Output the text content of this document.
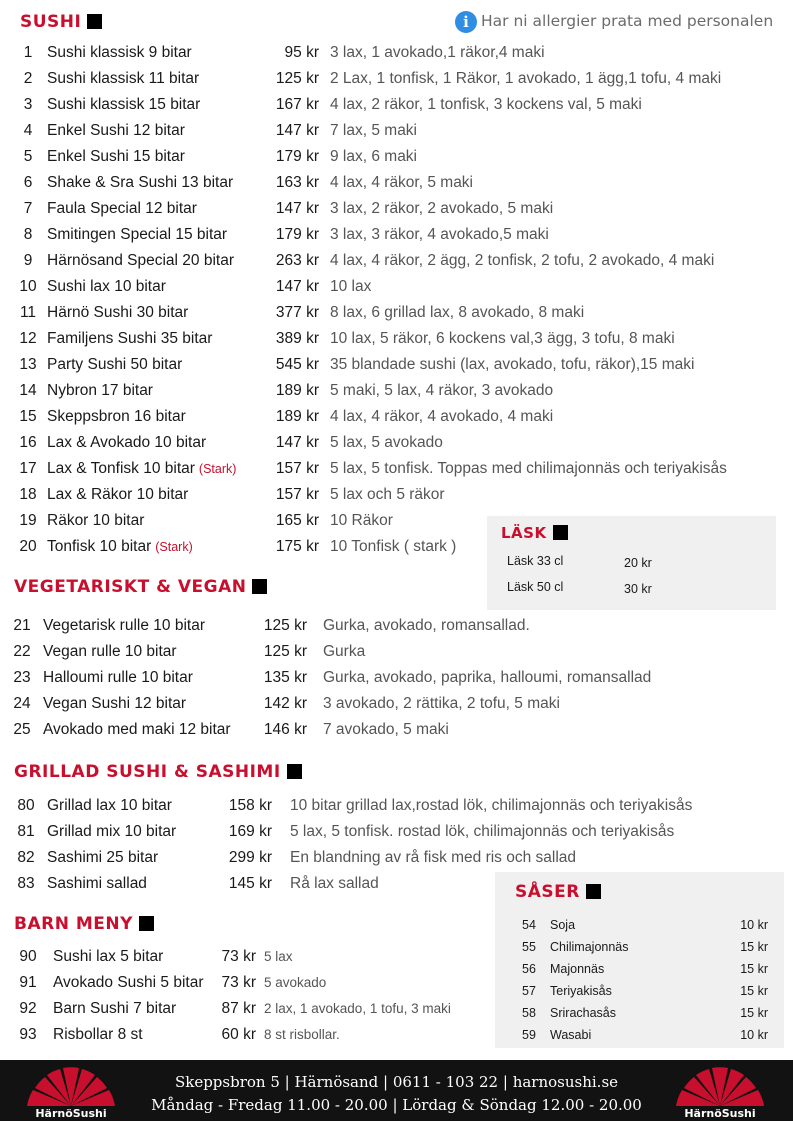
SUSHI	i Har ni allergier prata med personalen
1 Sushi klassisk 9 bitar	95 kr 3 lax, 1 avokado,1 räkor,4 maki
2 Sushi klassisk 11 bitar	125 kr 2 Lax, 1 tonfisk, 1 Räkor, 1 avokado, 1 ägg,1 tofu, 4 maki
3 Sushi klassisk 15 bitar	167 kr 4 lax, 2 räkor, 1 tonfisk, 3 kockens val, 5 maki
4 Enkel Sushi 12 bitar	147 kr 7 lax, 5 maki
5 Enkel Sushi 15 bitar	179 kr 9 lax, 6 maki
6 Shake & Sra Sushi 13 bitar	163 kr 4 lax, 4 räkor, 5 maki
7 Faula Special 12 bitar	147 kr 3 lax, 2 räkor, 2 avokado, 5 maki
8 Smitingen Special 15 bitar	179 kr 3 lax, 3 räkor, 4 avokado,5 maki
9 Härnösand Special 20 bitar	263 kr 4 lax, 4 räkor, 2 ägg, 2 tonfisk, 2 tofu, 2 avokado, 4 maki
10 Sushi lax 10 bitar	147 kr 10 lax
11 Härnö Sushi 30 bitar	377 kr 8 lax, 6 grillad lax, 8 avokado, 8 maki
12 Familjens Sushi 35 bitar	389 kr 10 lax, 5 räkor, 6 kockens val,3 ägg, 3 tofu, 8 maki
13 Party Sushi 50 bitar	545 kr 35 blandade sushi (lax, avokado, tofu, räkor),15 maki
14 Nybron 17 bitar	189 kr 5 maki, 5 lax, 4 räkor, 3 avokado
15 Skeppsbron 16 bitar	189 kr 4 lax, 4 räkor, 4 avokado, 4 maki
16 Lax & Avokado 10 bitar	147 kr 5 lax, 5 avokado
17 Lax & Tonfisk 10 bitar (Stark)	157 kr 5 lax, 5 tonfisk. Toppas med chilimajonnäs och teriyakisås
18 Lax & Räkor 10 bitar	157 kr 5 lax och 5 räkor
19 Räkor 10 bitar	165 kr 10 Räkor
20 Tonfisk 10 bitar (Stark)	175 kr 10 Tonfisk ( stark )
LÄSK
Läsk 33 cl	20 kr
Läsk 50 cl	30 kr
VEGETARISKT & VEGAN
21 Vegetarisk rulle 10 bitar	125 kr Gurka, avokado, romansallad.
22 Vegan rulle 10 bitar	125 kr Gurka
23 Halloumi rulle 10 bitar	135 kr Gurka, avokado, paprika, halloumi, romansallad
24 Vegan Sushi 12 bitar	142 kr 3 avokado, 2 rättika, 2 tofu, 5 maki
25 Avokado med maki 12 bitar	146 kr 7 avokado, 5 maki
GRILLAD SUSHI & SASHIMI
80 Grillad lax 10 bitar	158 kr 10 bitar grillad lax,rostad lök, chilimajonnäs och teriyakisås
81 Grillad mix 10 bitar	169 kr 5 lax, 5 tonfisk. rostad lök, chilimajonnäs och teriyakisås
82 Sashimi 25 bitar	299 kr En blandning av rå fisk med ris och sallad
83 Sashimi sallad	145 kr Rå lax sallad
BARN MENY
90 Sushi lax 5 bitar	73 kr 5 lax
91 Avokado Sushi 5 bitar	73 kr 5 avokado
92 Barn Sushi 7 bitar	87 kr 2 lax, 1 avokado, 1 tofu, 3 maki
93 Risbollar 8 st	60 kr 8 st risbollar.
SÅSER
54 Soja	10 kr
55 Chilimajonnäs	15 kr
56 Majonnäs	15 kr
57 Teriyakisås	15 kr
58 Srirachasås	15 kr
59 Wasabi	10 kr
HärnöSushi
Skeppsbron 5 | Härnösand | 0611 - 103 22 | harnosushi.se
Måndag - Fredag 11.00 - 20.00 | Lördag & Söndag 12.00 - 20.00	HärnöSushi
